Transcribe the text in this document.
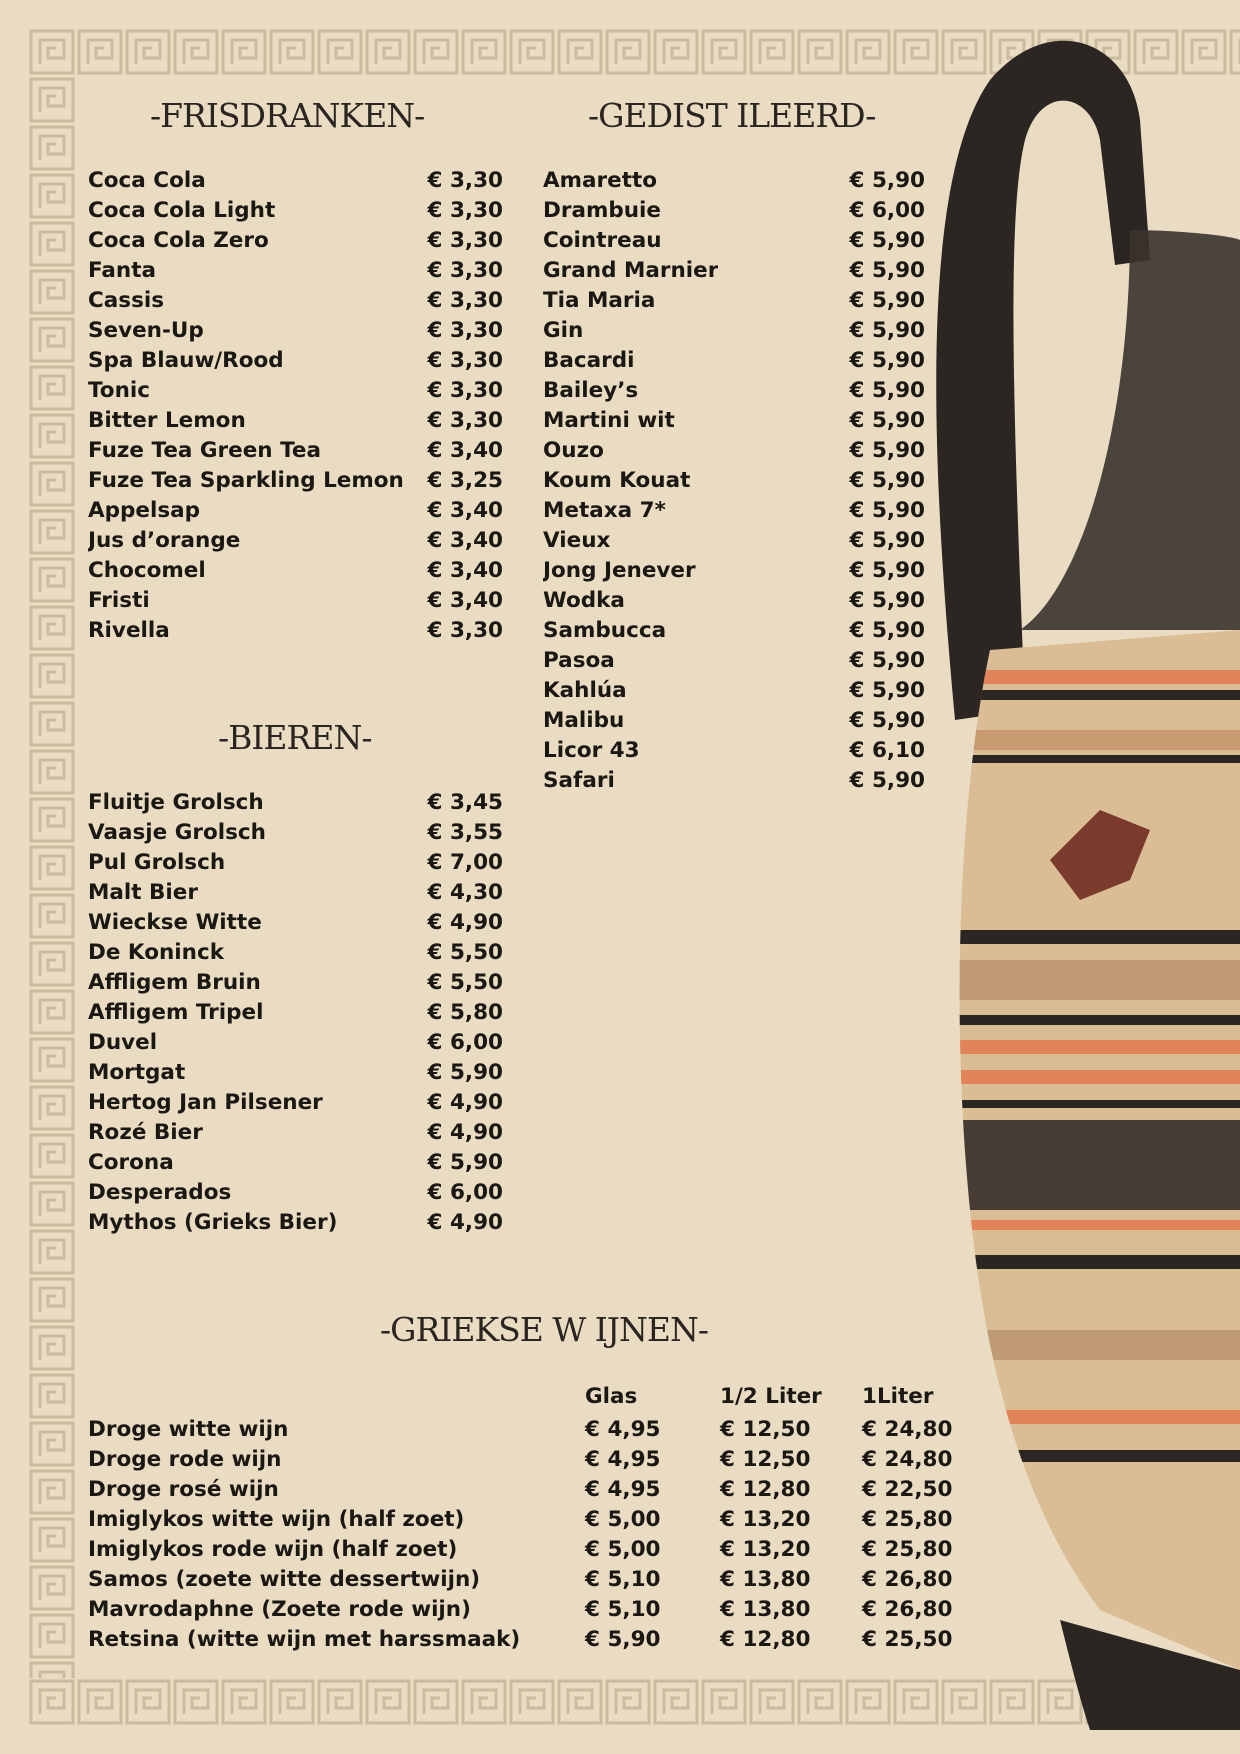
-FRISDRANKEN-
Coca Cola	€ 3,30
Coca Cola Light	€ 3,30
Coca Cola Zero	€ 3,30
Fanta	€ 3,30
Cassis	€ 3,30
Seven-Up	€ 3,30
Spa Blauw/Rood	€ 3,30
Tonic	€ 3,30
Bitter Lemon	€ 3,30
Fuze Tea Green Tea	€ 3,40
Fuze Tea Sparkling Lemon € 3,25
Appelsap	€ 3,40
Jus d’orange	€ 3,40
Chocomel	€ 3,40
Fristi	€ 3,40
Rivella	€ 3,30
-GEDIST ILEERD-
Amaretto	€ 5,90
Drambuie	€ 6,00
Cointreau	€ 5,90
Grand Marnier	€ 5,90
Tia Maria	€ 5,90
Gin	€ 5,90
Bacardi	€ 5,90
Bailey’s	€ 5,90
Martini wit	€ 5,90
Ouzo	€ 5,90
Koum Kouat	€ 5,90
Metaxa 7*	€ 5,90
Vieux	€ 5,90
Jong Jenever	€ 5,90
Wodka	€ 5,90
Sambucca	€ 5,90
Pasoa	€ 5,90
Kahlúa	€ 5,90
Malibu	€ 5,90
Licor 43	€ 6,10
Safari	€ 5,90
-BIEREN-
Fluitje Grolsch	€ 3,45
Vaasje Grolsch	€ 3,55
Pul Grolsch	€ 7,00
Malt Bier	€ 4,30
Wieckse Witte	€ 4,90
De Koninck	€ 5,50
Affligem Bruin	€ 5,50
Affligem Tripel	€ 5,80
Duvel	€ 6,00
Mortgat	€ 5,90
Hertog Jan Pilsener	€ 4,90
Rozé Bier	€ 4,90
Corona	€ 5,90
Desperados	€ 6,00
Mythos (Grieks Bier)	€ 4,90
-GRIEKSE W IJNEN-
Glas	1/2 Liter 1Liter
Droge witte wijn	€ 4,95	€ 12,50 € 24,80
Droge rode wijn	€ 4,95	€ 12,50 € 24,80
Droge rosé wijn	€ 4,95	€ 12,80 € 22,50
Imiglykos witte wijn (half zoet)	€ 5,00	€ 13,20 € 25,80
Imiglykos rode wijn (half zoet)	€ 5,00	€ 13,20 € 25,80
Samos (zoete witte dessertwijn)	€ 5,10	€ 13,80 € 26,80
Mavrodaphne (Zoete rode wijn)	€ 5,10	€ 13,80 € 26,80
Retsina (witte wijn met harssmaak)	€ 5,90	€ 12,80 € 25,50
